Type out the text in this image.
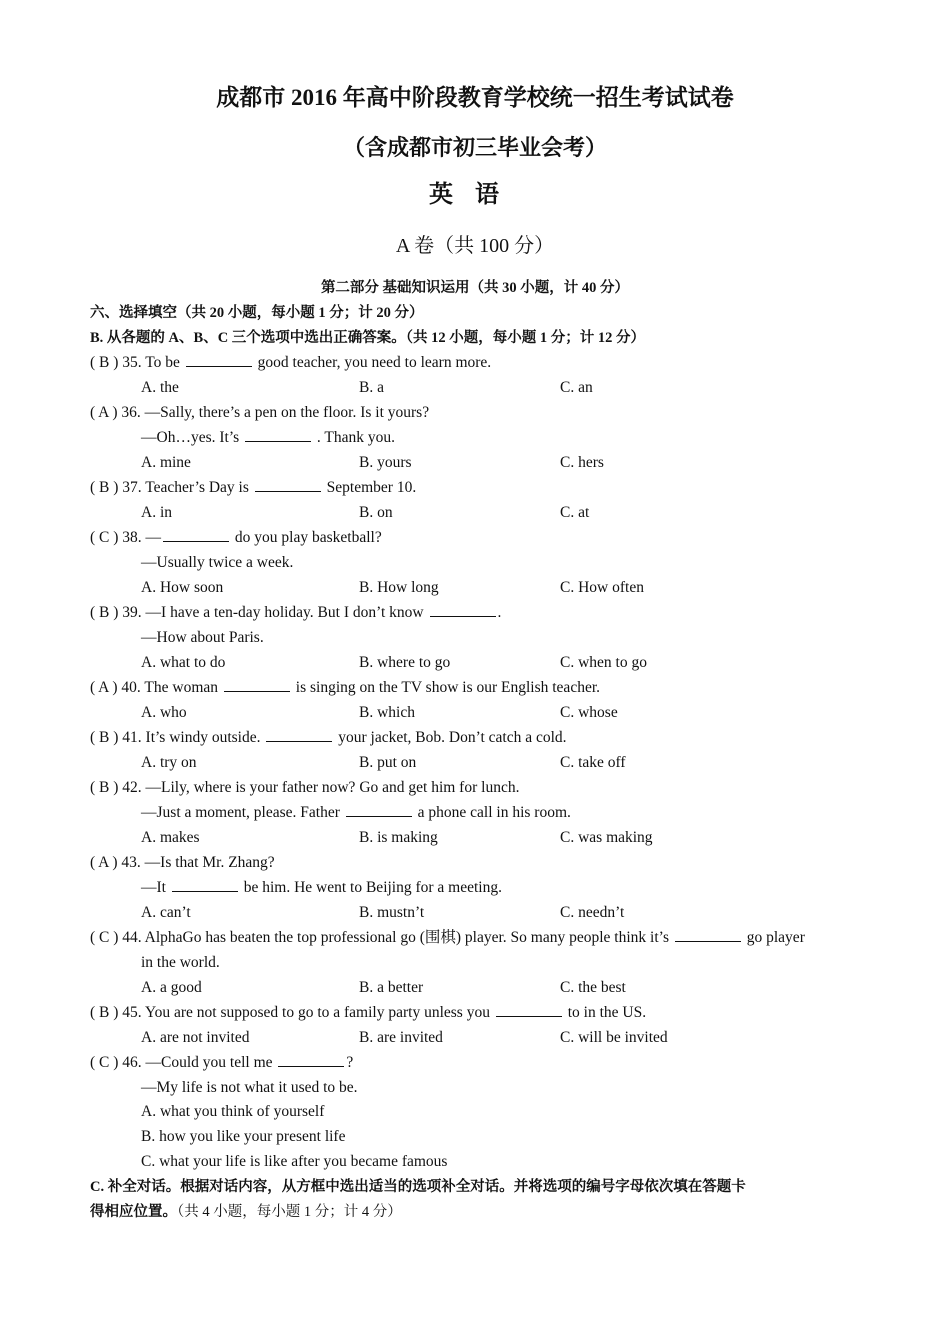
成都市 2016 年高中阶段教育学校统一招生考试试卷
（含成都市初三毕业会考）
英语
A 卷（共 100 分）
第二部分 基础知识运用（共 30 小题，计 40 分）
六、选择填空（共 20 小题，每小题 1 分；计 20 分）
B. 从各题的 A、B、C 三个选项中选出正确答案。（共 12 小题，每小题 1 分；计 12 分）
( B ) 35. To be	good teacher, you need to learn more.
A. the	B. a	C. an
( A ) 36. —Sally, there’s a pen on the floor. Is it yours?
—Oh…yes. It’s	. Thank you.
A. mine	B. yours	C. hers
( B ) 37. Teacher’s Day is	September 10.
A. in	B. on	C. at
( C ) 38. —	do you play basketball?
—Usually twice a week.
A. How soon	B. How long	C. How often
( B ) 39. —I have a ten-day holiday. But I don’t know	.
—How about Paris.
A. what to do	B. where to go	C. when to go
( A ) 40. The woman	is singing on the TV show is our English teacher.
A. who	B. which	C. whose
( B ) 41. It’s windy outside.	your jacket, Bob. Don’t catch a cold.
A. try on	B. put on	C. take off
( B ) 42. —Lily, where is your father now? Go and get him for lunch.
—Just a moment, please. Father	a phone call in his room.
A. makes	B. is making	C. was making
( A ) 43. —Is that Mr. Zhang?
—It	be him. He went to Beijing for a meeting.
A. can’t	B. mustn’t	C. needn’t
( C ) 44. AlphaGo has beaten the top professional go (围棋) player. So many people think it’s	go player
in the world.
A. a good	B. a better	C. the best
( B ) 45. You are not supposed to go to a family party unless you	to in the US.
A. are not invited	B. are invited	C. will be invited
( C ) 46. —Could you tell me	?
—My life is not what it used to be.
A. what you think of yourself
B. how you like your present life
C. what your life is like after you became famous
C. 补全对话。根据对话内容，从方框中选出适当的选项补全对话。并将选项的编号字母依次填在答题卡
得相应位置。（共 4 小题，每小题 1 分；计 4 分）
